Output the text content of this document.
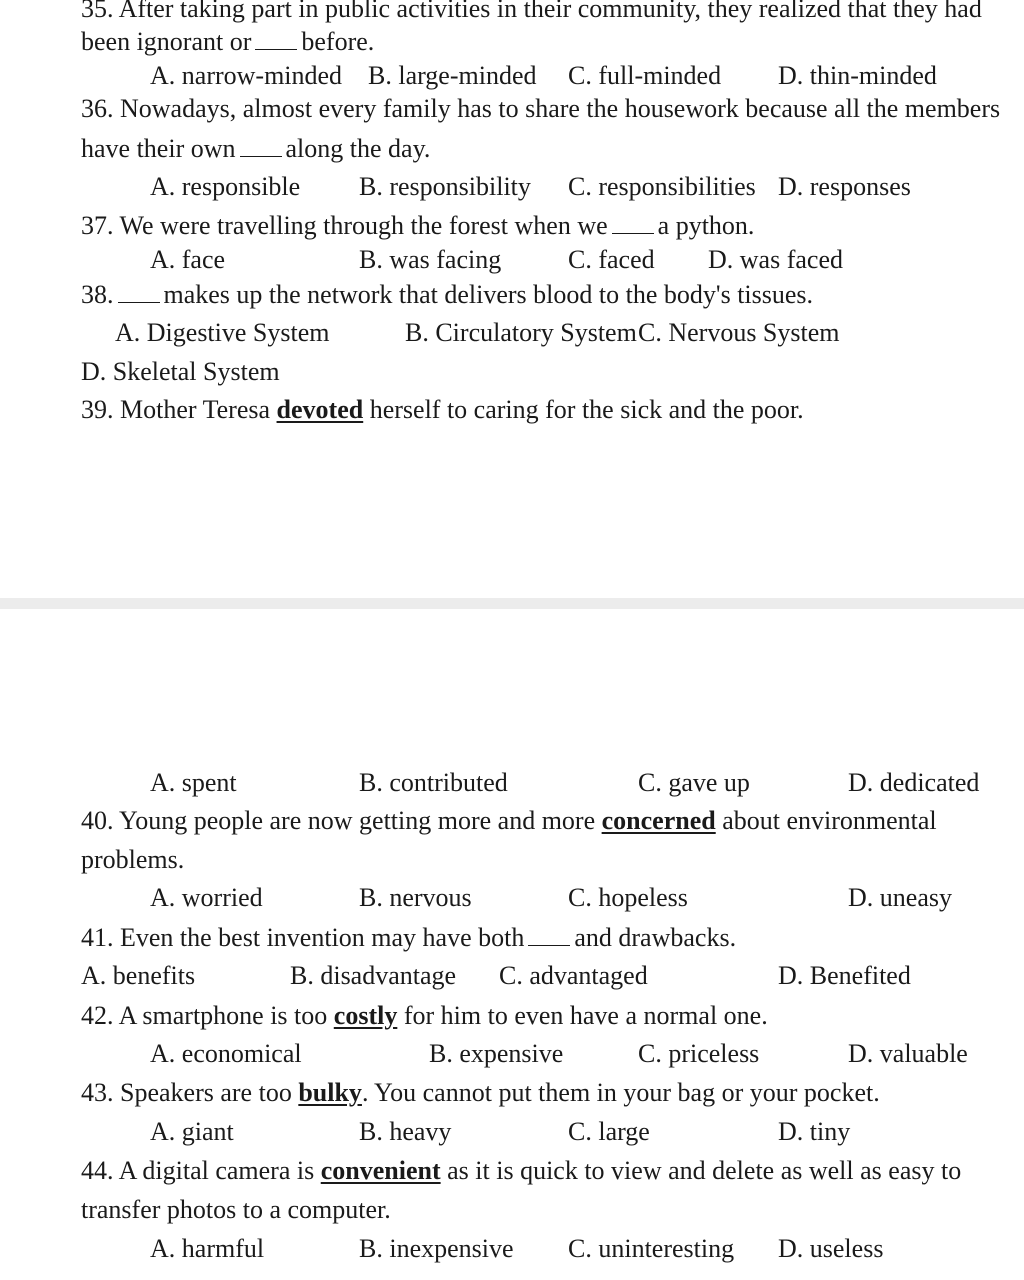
35. After taking part in public activities in their community, they realized that they had
been ignorant or before.
A. narrow-minded B. large-minded C. full-minded D. thin-minded
36. Nowadays, almost every family has to share the housework because all the members
have their own along the day.
A. responsible B. responsibility C. responsibilities D. responses
37. We were travelling through the forest when we a python.
A. face	B. was facing	C. faced D. was faced
38. makes up the network that delivers blood to the body's tissues.
A. Digestive System	B. Circulatory System C. Nervous System
D. Skeletal System
39. Mother Teresa devoted herself to caring for the sick and the poor.
A. spent	B. contributed	C. gave up	D. dedicated
40. Young people are now getting more and more concerned about environmental
problems.
A. worried	B. nervous	C. hopeless	D. uneasy
41. Even the best invention may have both and drawbacks.
A. benefits	B. disadvantage C. advantaged	D. Benefited
42. A smartphone is too costly for him to even have a normal one.
A. economical	B. expensive	C. priceless	D. valuable
43. Speakers are too bulky. You cannot put them in your bag or your pocket.
A. giant	B. heavy	C. large	D. tiny
44. A digital camera is convenient as it is quick to view and delete as well as easy to
transfer photos to a computer.
A. harmful	B. inexpensive C. uninteresting D. useless
